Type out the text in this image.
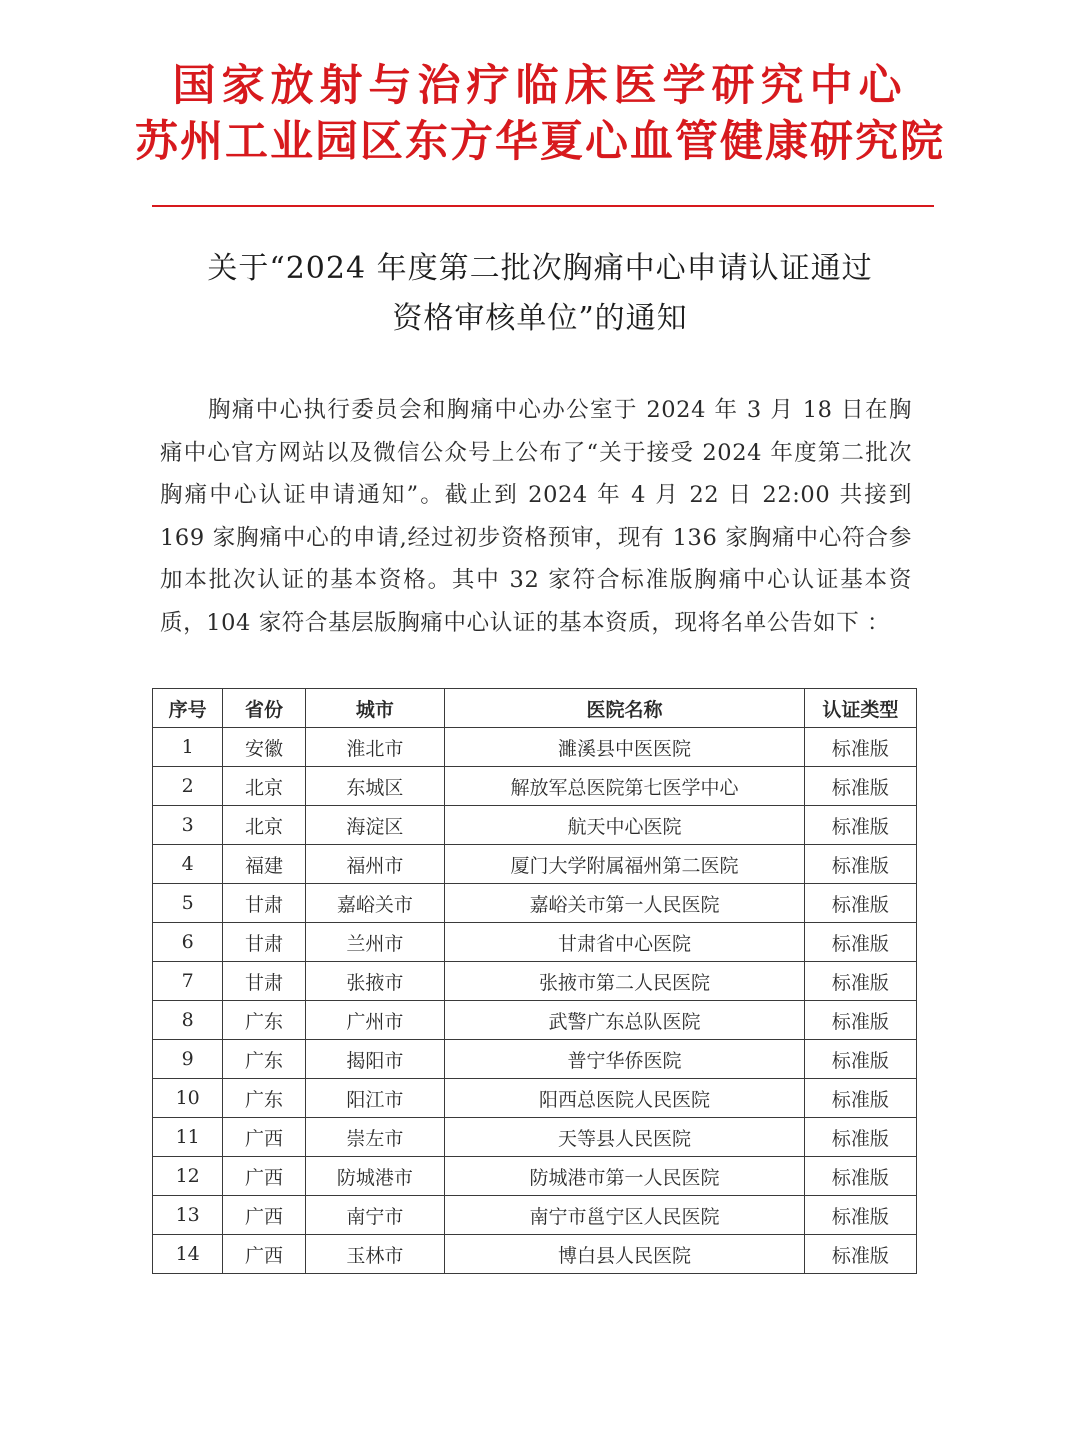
国家放射与治疗临床医学研究中心
苏州工业园区东方华夏心血管健康研究院
关于“2024 年度第二批次胸痛中心申请认证通过
资格审核单位”的通知
胸痛中心执行委员会和胸痛中心办公室于 2024 年 3 月 18 日在胸痛中心官方网站以及微信公众号上公布了“关于接受 2024 年度第二批次胸痛中心认证申请通知”。截止到 2024 年 4 月 22 日 22:00 共接到 169 家胸痛中心的申请,经过初步资格预审，现有 136 家胸痛中心符合参加本批次认证的基本资格。其中 32 家符合标准版胸痛中心认证基本资质，104 家符合基层版胸痛中心认证的基本资质，现将名单公告如下 ：
序号	省份	城市	医院名称	认证类型
1	安徽	淮北市	濉溪县中医医院	标准版
2	北京	东城区	解放军总医院第七医学中心	标准版
3	北京	海淀区	航天中心医院	标准版
4	福建	福州市	厦门大学附属福州第二医院	标准版
5	甘肃	嘉峪关市	嘉峪关市第一人民医院	标准版
6	甘肃	兰州市	甘肃省中心医院	标准版
7	甘肃	张掖市	张掖市第二人民医院	标准版
8	广东	广州市	武警广东总队医院	标准版
9	广东	揭阳市	普宁华侨医院	标准版
10	广东	阳江市	阳西总医院人民医院	标准版
11	广西	崇左市	天等县人民医院	标准版
12	广西	防城港市	防城港市第一人民医院	标准版
13	广西	南宁市	南宁市邕宁区人民医院	标准版
14	广西	玉林市	博白县人民医院	标准版
